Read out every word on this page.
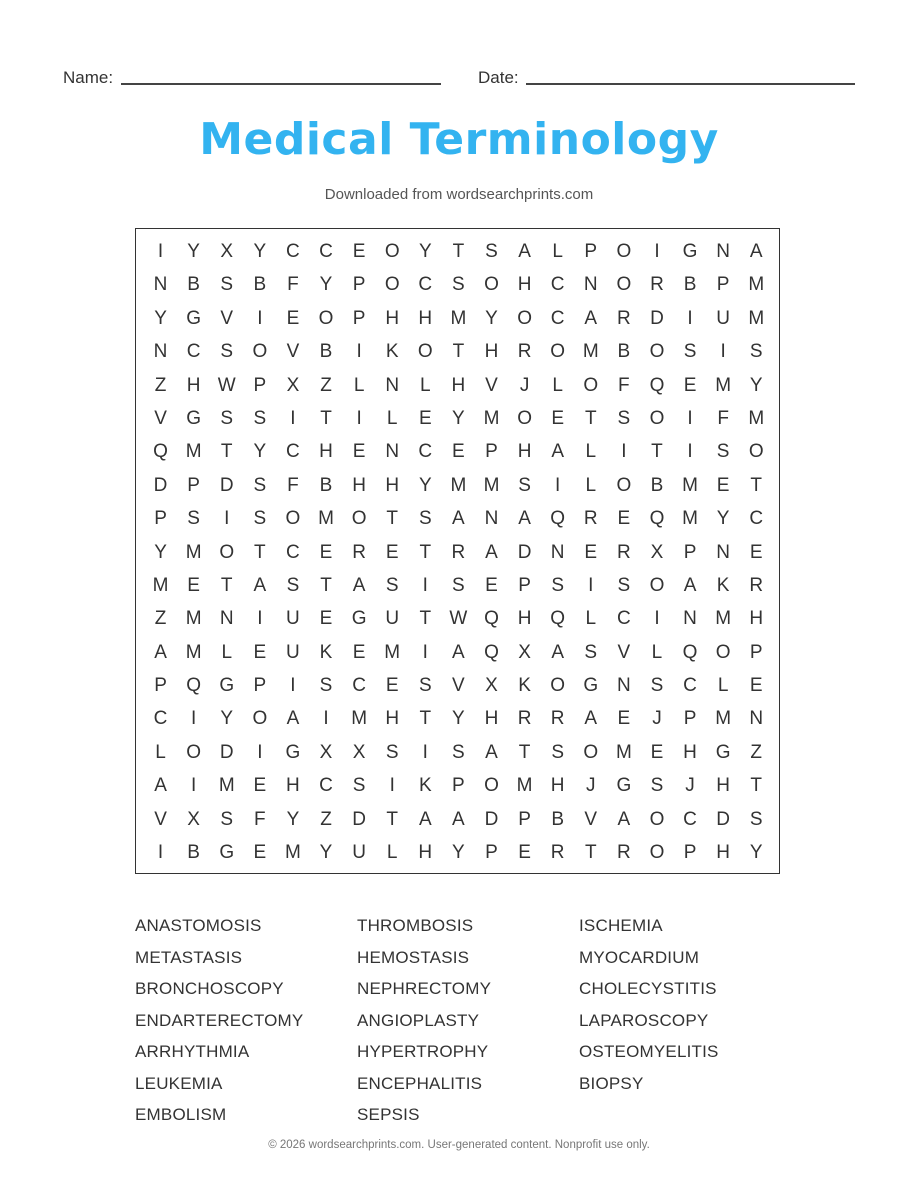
Name:	Date:
Medical Terminology
Downloaded from wordsearchprints.com
I	Y	X	Y	C	C	E	O	Y	T	S	A	L	P	O	I	G N	A
N	B	S	B	F	Y	P	O C	S	O H	C	N O R	B	P M
Y	G	V	I	E	O	P	H	H M Y	O C	A	R	D	I	U M
N	C	S	O	V	B	I	K	O	T	H	R O M B	O	S	I	S
Z	H W P	X	Z	L	N	L	H	V	J	L	O	F	Q	E M Y
V	G	S	S	I	T	I	L	E	Y M O	E	T	S	O	I	F	M
Q M	T	Y	C	H	E	N	C	E	P	H	A	L	I	T	I	S	O
D	P	D	S	F	B	H	H	Y M M S	I	L	O	B M E	T
P	S	I	S	O M O	T	S	A	N	A	Q R	E	Q M Y	C
Y M O	T	C	E	R	E	T	R	A	D	N	E	R	X	P	N	E
M E	T	A	S	T	A	S	I	S	E	P	S	I	S	O	A	K	R
Z	M N	I	U	E	G U	T W Q H Q	L	C	I	N M H
A M	L	E	U	K	E M	I	A	Q	X	A	S	V	L	Q O	P
P	Q G	P	I	S	C	E	S	V	X	K	O G N	S	C	L	E
C	I	Y	O	A	I	M H	T	Y	H	R	R	A	E	J	P M N
L	O D	I	G	X	X	S	I	S	A	T	S	O M E	H G	Z
A	I	M E	H	C	S	I	K	P	O M H	J	G	S	J	H	T
V	X	S	F	Y	Z	D	T	A	A	D	P	B	V	A	O C	D	S
I	B	G	E M Y	U	L	H	Y	P	E	R	T	R O	P	H	Y
ANASTOMOSIS
METASTASIS
BRONCHOSCOPY
ENDARTERECTOMY
ARRHYTHMIA
LEUKEMIA
EMBOLISM
THROMBOSIS
HEMOSTASIS
NEPHRECTOMY
ANGIOPLASTY
HYPERTROPHY
ENCEPHALITIS
SEPSIS
ISCHEMIA
MYOCARDIUM
CHOLECYSTITIS
LAPAROSCOPY
OSTEOMYELITIS
BIOPSY
© 2026 wordsearchprints.com. User-generated content. Nonprofit use only.
